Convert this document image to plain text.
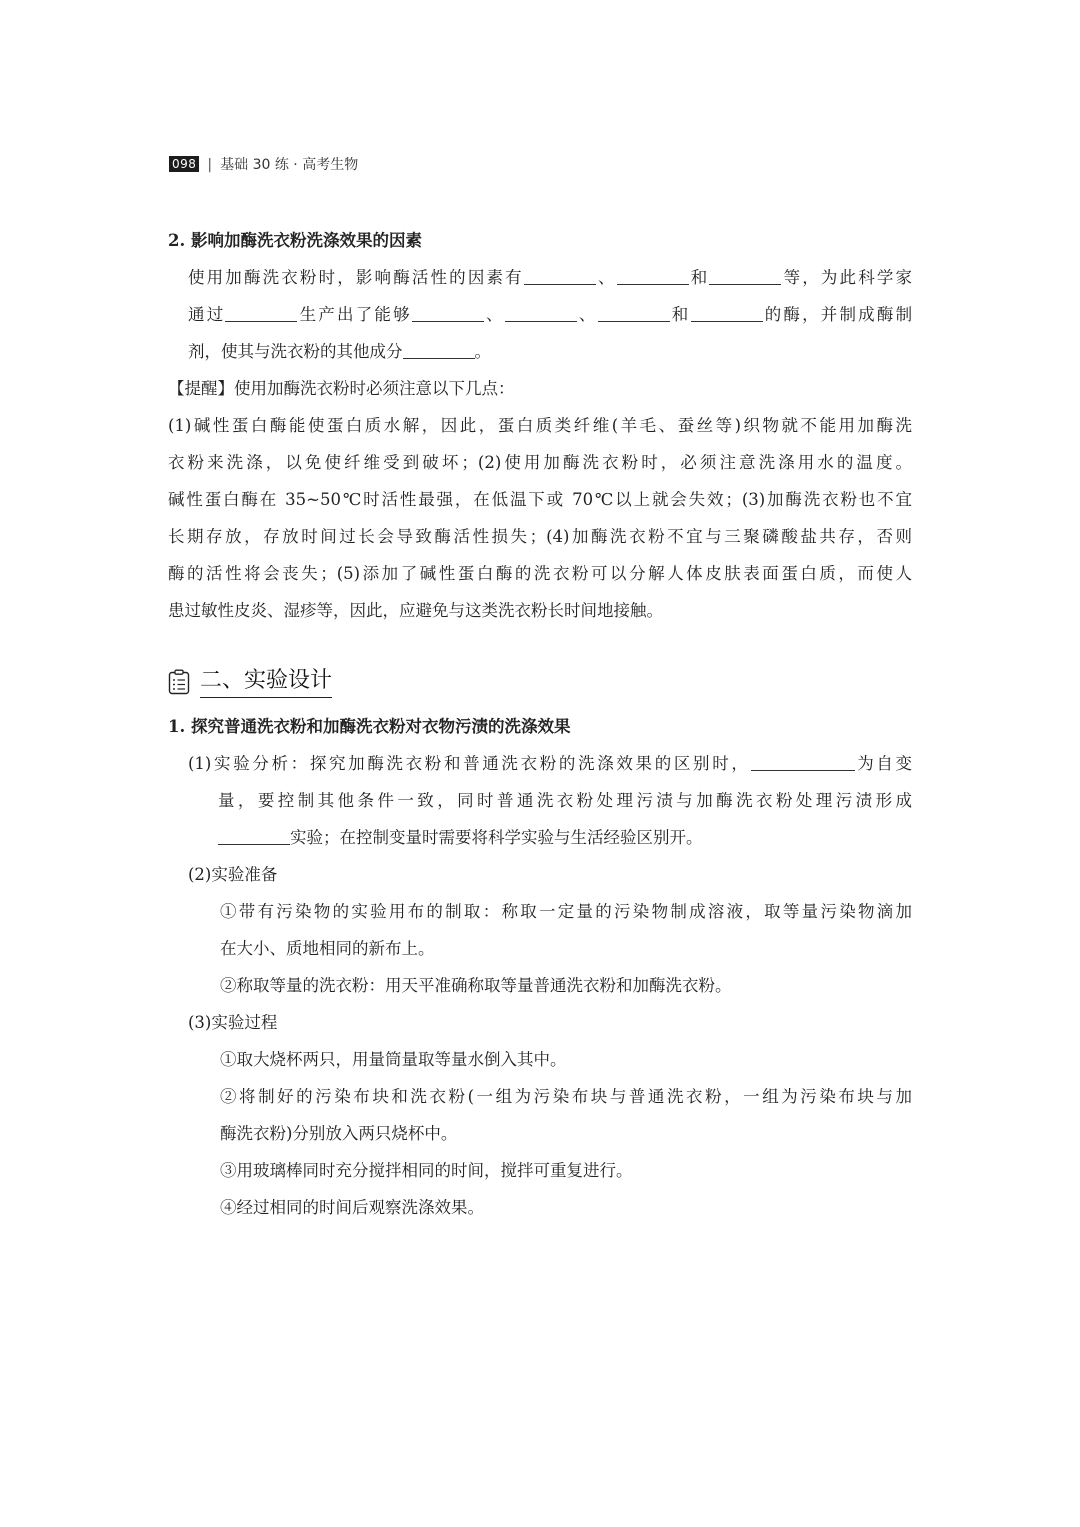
098 | 基础 30 练 · 高考生物
2. 影响加酶洗衣粉洗涤效果的因素
使用加酶洗衣粉时，影响酶活性的因素有	、	和	等，为此科学家
通过	生产出了能够	、	、	和	的酶，并制成酶制
剂，使其与洗衣粉的其他成分	。
【提醒】使用加酶洗衣粉时必须注意以下几点：
(1)碱性蛋白酶能使蛋白质水解，因此，蛋白质类纤维(羊毛、蚕丝等)织物就不能用加酶洗
衣粉来洗涤，以免使纤维受到破坏；(2)使用加酶洗衣粉时，必须注意洗涤用水的温度。
碱性蛋白酶在 35~50℃时活性最强，在低温下或 70℃以上就会失效；(3)加酶洗衣粉也不宜
长期存放，存放时间过长会导致酶活性损失；(4)加酶洗衣粉不宜与三聚磷酸盐共存，否则
酶的活性将会丧失；(5)添加了碱性蛋白酶的洗衣粉可以分解人体皮肤表面蛋白质，而使人
患过敏性皮炎、湿疹等，因此，应避免与这类洗衣粉长时间地接触。
二、实验设计
1. 探究普通洗衣粉和加酶洗衣粉对衣物污渍的洗涤效果
(1)实验分析：探究加酶洗衣粉和普通洗衣粉的洗涤效果的区别时，	为自变
量，要控制其他条件一致，同时普通洗衣粉处理污渍与加酶洗衣粉处理污渍形成
实验；在控制变量时需要将科学实验与生活经验区别开。
(2)实验准备
①带有污染物的实验用布的制取：称取一定量的污染物制成溶液，取等量污染物滴加
在大小、质地相同的新布上。
②称取等量的洗衣粉：用天平准确称取等量普通洗衣粉和加酶洗衣粉。
(3)实验过程
①取大烧杯两只，用量筒量取等量水倒入其中。
②将制好的污染布块和洗衣粉(一组为污染布块与普通洗衣粉，一组为污染布块与加
酶洗衣粉)分别放入两只烧杯中。
③用玻璃棒同时充分搅拌相同的时间，搅拌可重复进行。
④经过相同的时间后观察洗涤效果。
